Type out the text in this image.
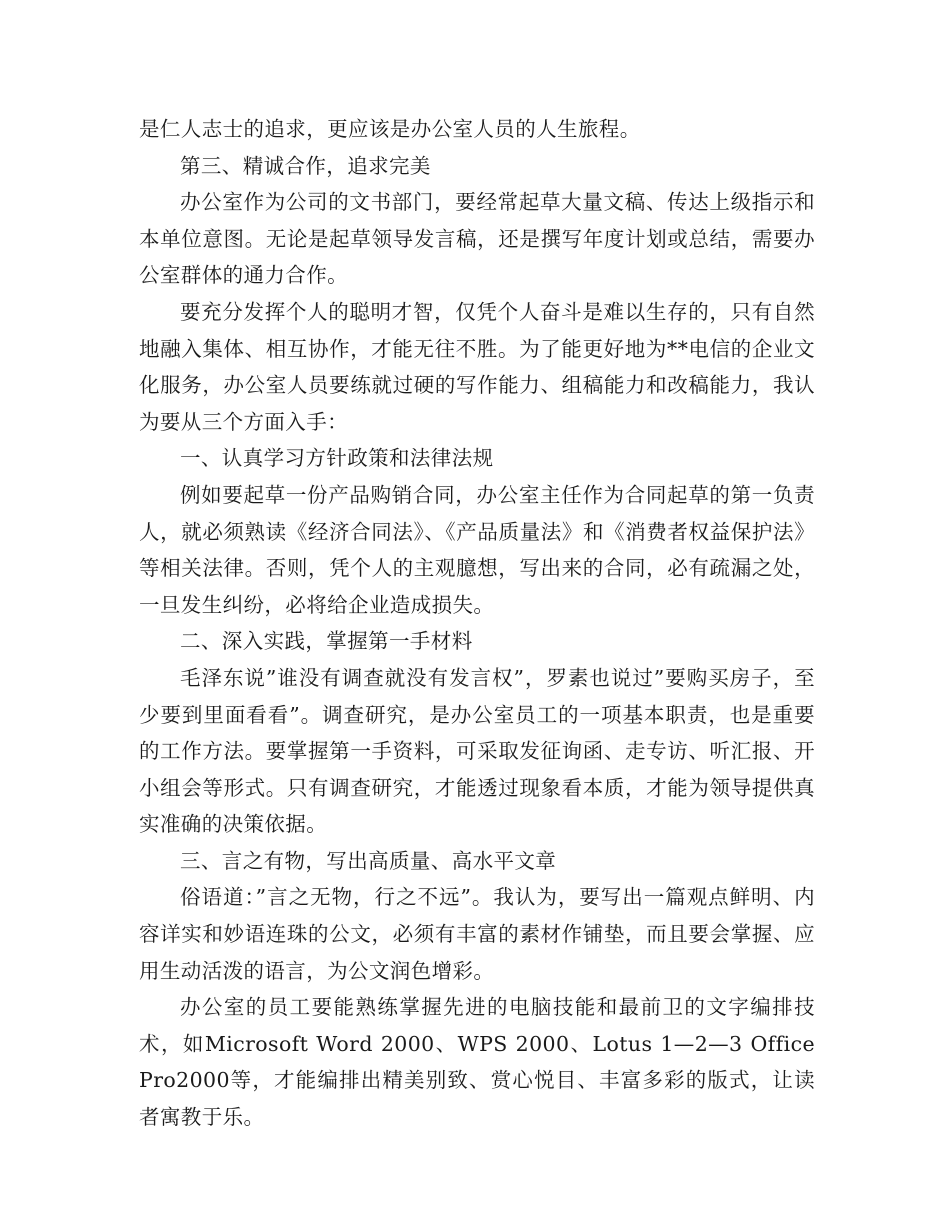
是仁人志士的追求，更应该是办公室人员的人生旅程。

第三、精诚合作，追求完美

办公室作为公司的文书部门，要经常起草大量文稿、传达上级指示和本单位意图。无论是起草领导发言稿，还是撰写年度计划或总结，需要办公室群体的通力合作。

要充分发挥个人的聪明才智，仅凭个人奋斗是难以生存的，只有自然地融入集体、相互协作，才能无往不胜。为了能更好地为**电信的企业文化服务，办公室人员要练就过硬的写作能力、组稿能力和改稿能力，我认为要从三个方面入手：

一、认真学习方针政策和法律法规

例如要起草一份产品购销合同，办公室主任作为合同起草的第一负责人，就必须熟读《经济合同法》、《产品质量法》和《消费者权益保护法》等相关法律。否则，凭个人的主观臆想，写出来的合同，必有疏漏之处，一旦发生纠纷，必将给企业造成损失。

二、深入实践，掌握第一手材料

毛泽东说”谁没有调查就没有发言权”，罗素也说过”要购买房子，至少要到里面看看”。调查研究，是办公室员工的一项基本职责，也是重要的工作方法。要掌握第一手资料，可采取发征询函、走专访、听汇报、开小组会等形式。只有调查研究，才能透过现象看本质，才能为领导提供真实准确的决策依据。

三、言之有物，写出高质量、高水平文章

俗语道：”言之无物，行之不远”。我认为，要写出一篇观点鲜明、内容详实和妙语连珠的公文，必须有丰富的素材作铺垫，而且要会掌握、应用生动活泼的语言，为公文润色增彩。

办公室的员工要能熟练掌握先进的电脑技能和最前卫的文字编排技术，如Microsoft Word 2000、WPS 2000、Lotus 1—2—3 Office Pro2000等，才能编排出精美别致、赏心悦目、丰富多彩的版式，让读者寓教于乐。
